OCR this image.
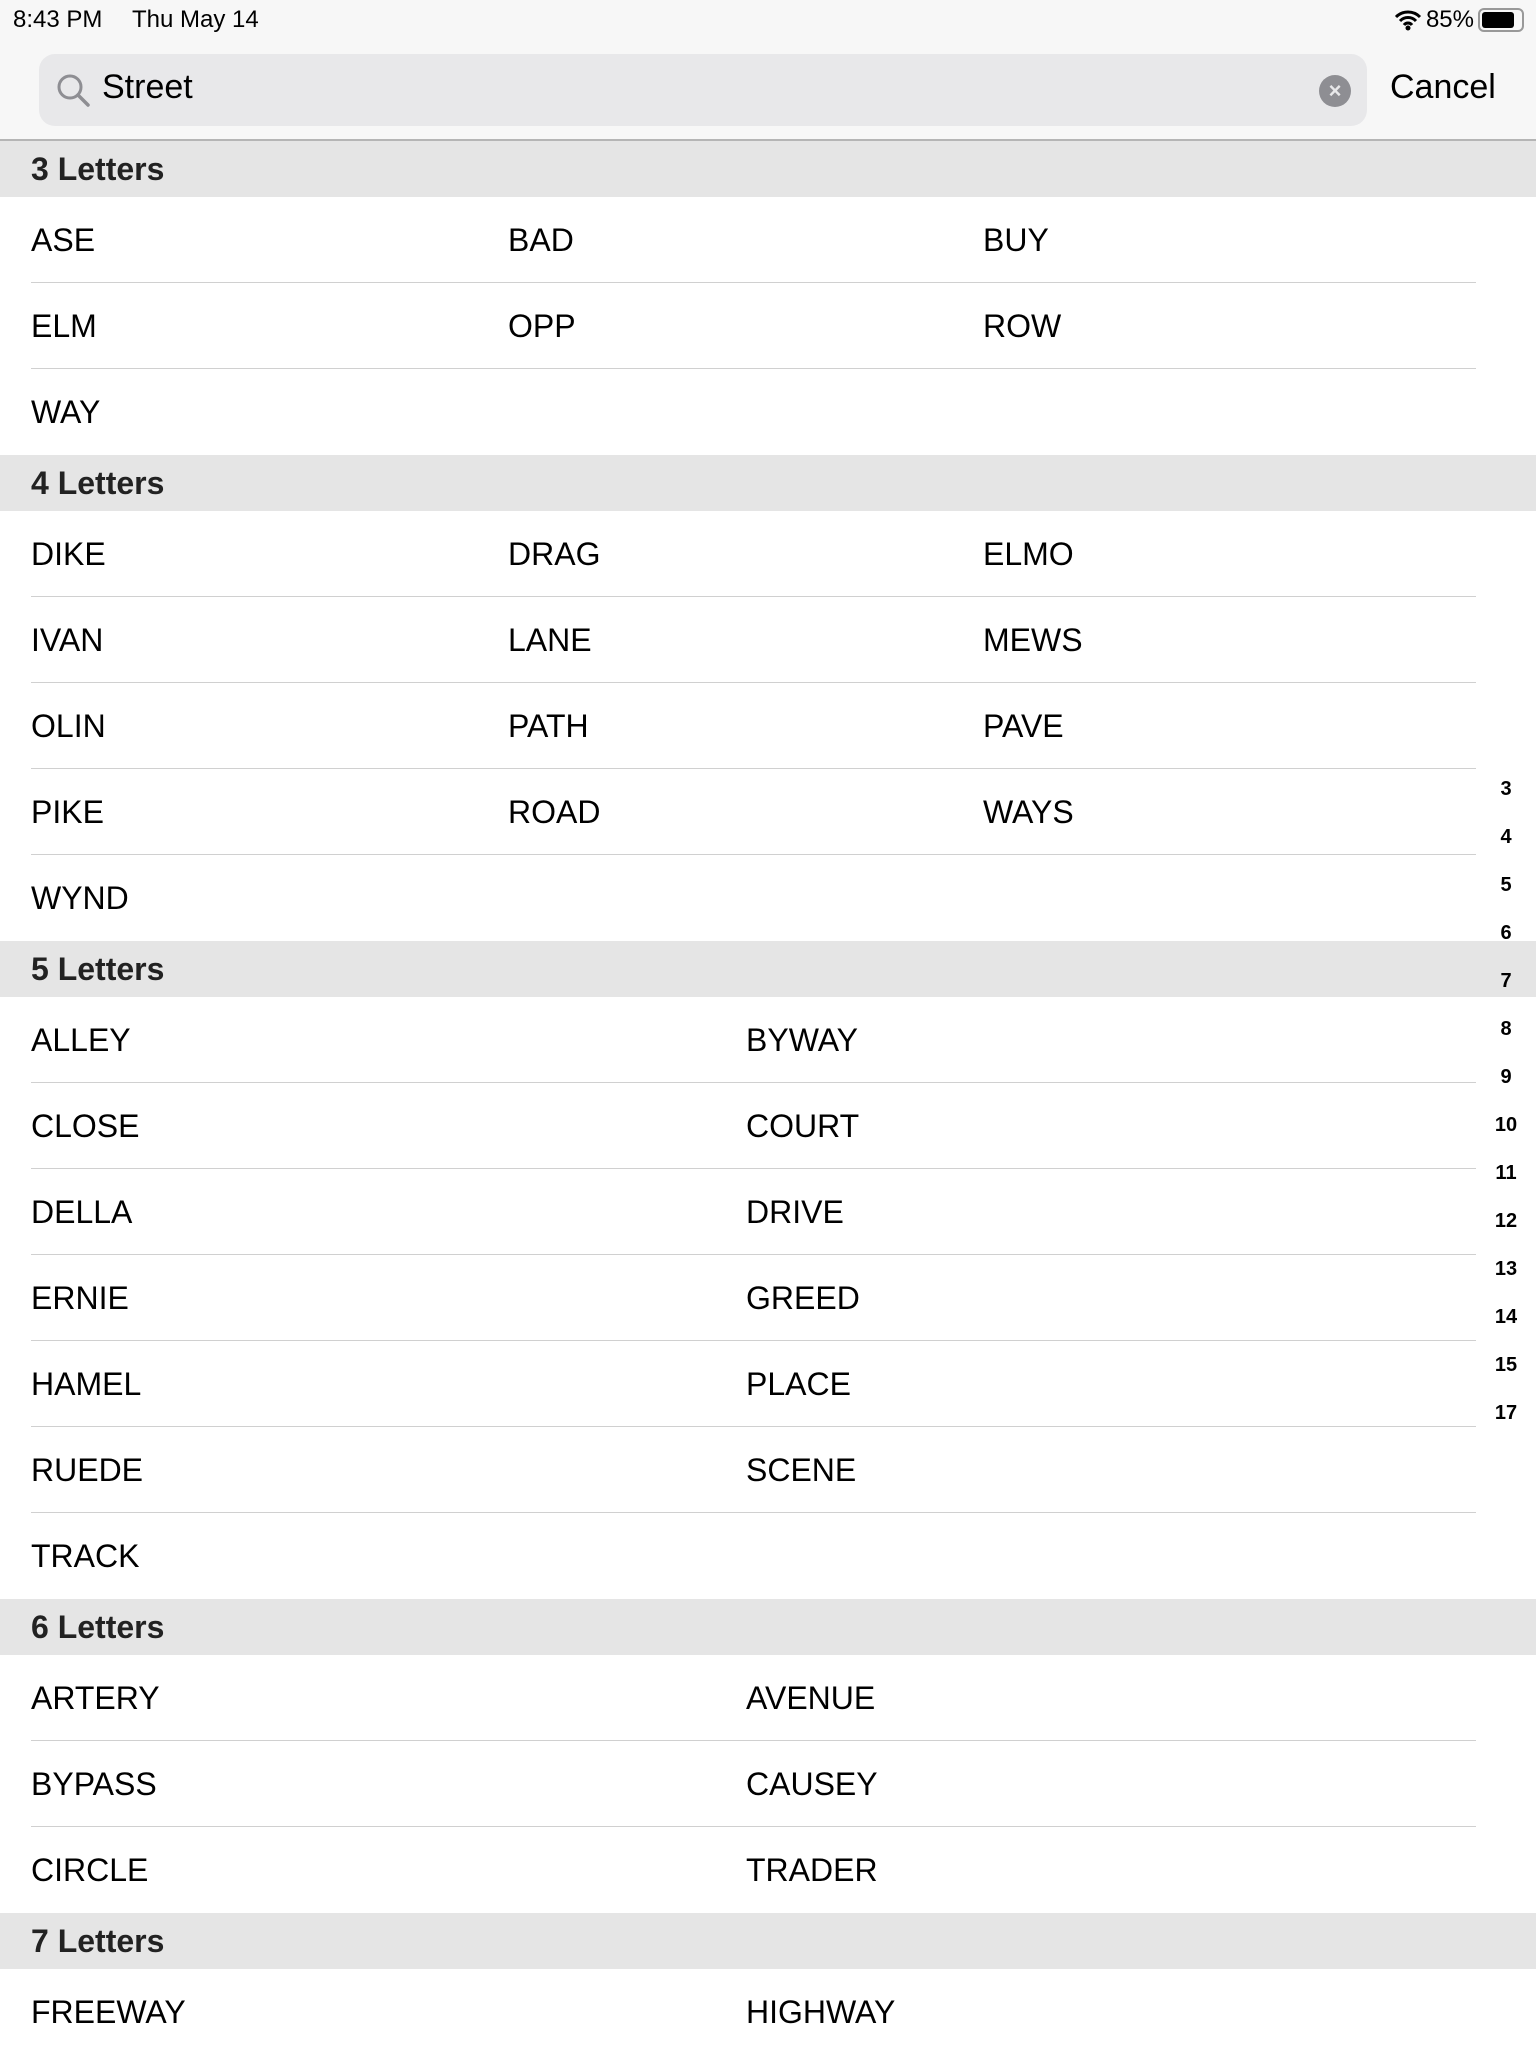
8:43 PM Thu May 14	85%
Street	× Cancel
3 Letters
ASE	BAD	BUY
ELM	OPP	ROW
WAY
4 Letters
DIKE	DRAG	ELMO
IVAN	LANE	MEWS
OLIN	PATH	PAVE
PIKE	ROAD	WAYS
WYND
5 Letters
ALLEY	BYWAY
CLOSE	COURT
DELLA	DRIVE
ERNIE	GREED
HAMEL	PLACE
RUEDE	SCENE
TRACK
6 Letters
ARTERY	AVENUE
BYPASS	CAUSEY
CIRCLE	TRADER
7 Letters
FREEWAY	HIGHWAY
3
4
5
6
7
8
9
10
11
12
13
14
15
17
